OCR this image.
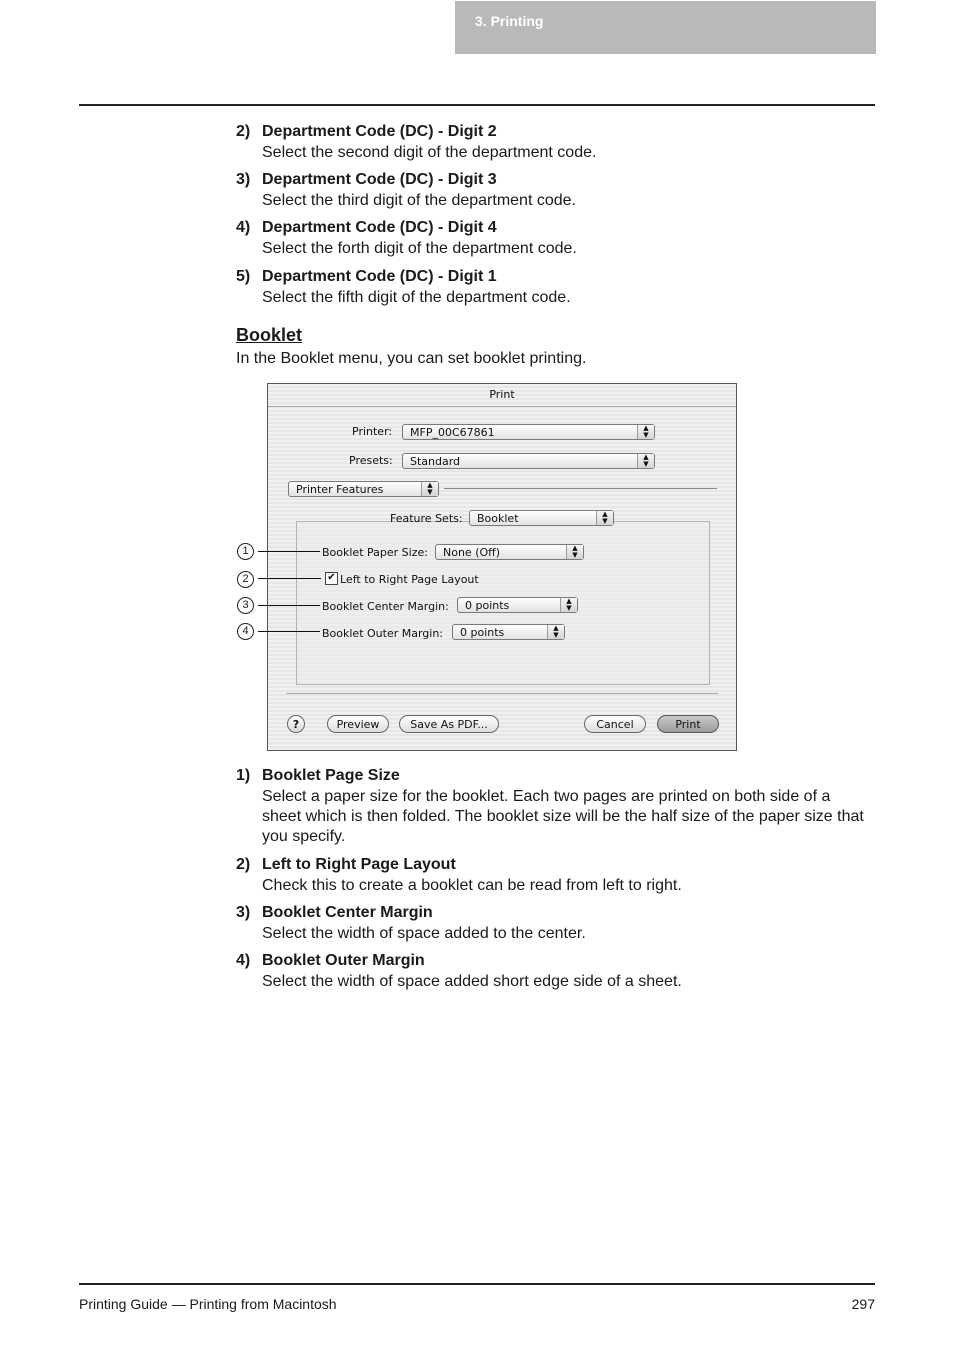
3. Printing
2) Department Code (DC) - Digit 2
Select the second digit of the department code.
3) Department Code (DC) - Digit 3
Select the third digit of the department code.
4) Department Code (DC) - Digit 4
Select the forth digit of the department code.
5) Department Code (DC) - Digit 1
Select the fifth digit of the department code.
Booklet
In the Booklet menu, you can set booklet printing.
Print
Printer: MFP_00C67861	▲
▼
Presets: Standard	▲
▼
Printer Features	▲
▼
Feature Sets: Booklet	▲
▼
Booklet Paper Size: None (Off)	▲
▼
✔ Left to Right Page Layout
Booklet Center Margin: 0 points	▲
▼
Booklet Outer Margin: 0 points	▲
▼
?	Preview	Save As PDF...	Cancel	Print
1
2
3
4
1) Booklet Page Size
Select a paper size for the booklet. Each two pages are printed on both side of a sheet which is then folded. The booklet size will be the half size of the paper size that you specify.
2) Left to Right Page Layout
Check this to create a booklet can be read from left to right.
3) Booklet Center Margin
Select the width of space added to the center.
4) Booklet Outer Margin
Select the width of space added short edge side of a sheet.
Printing Guide — Printing from Macintosh	297
